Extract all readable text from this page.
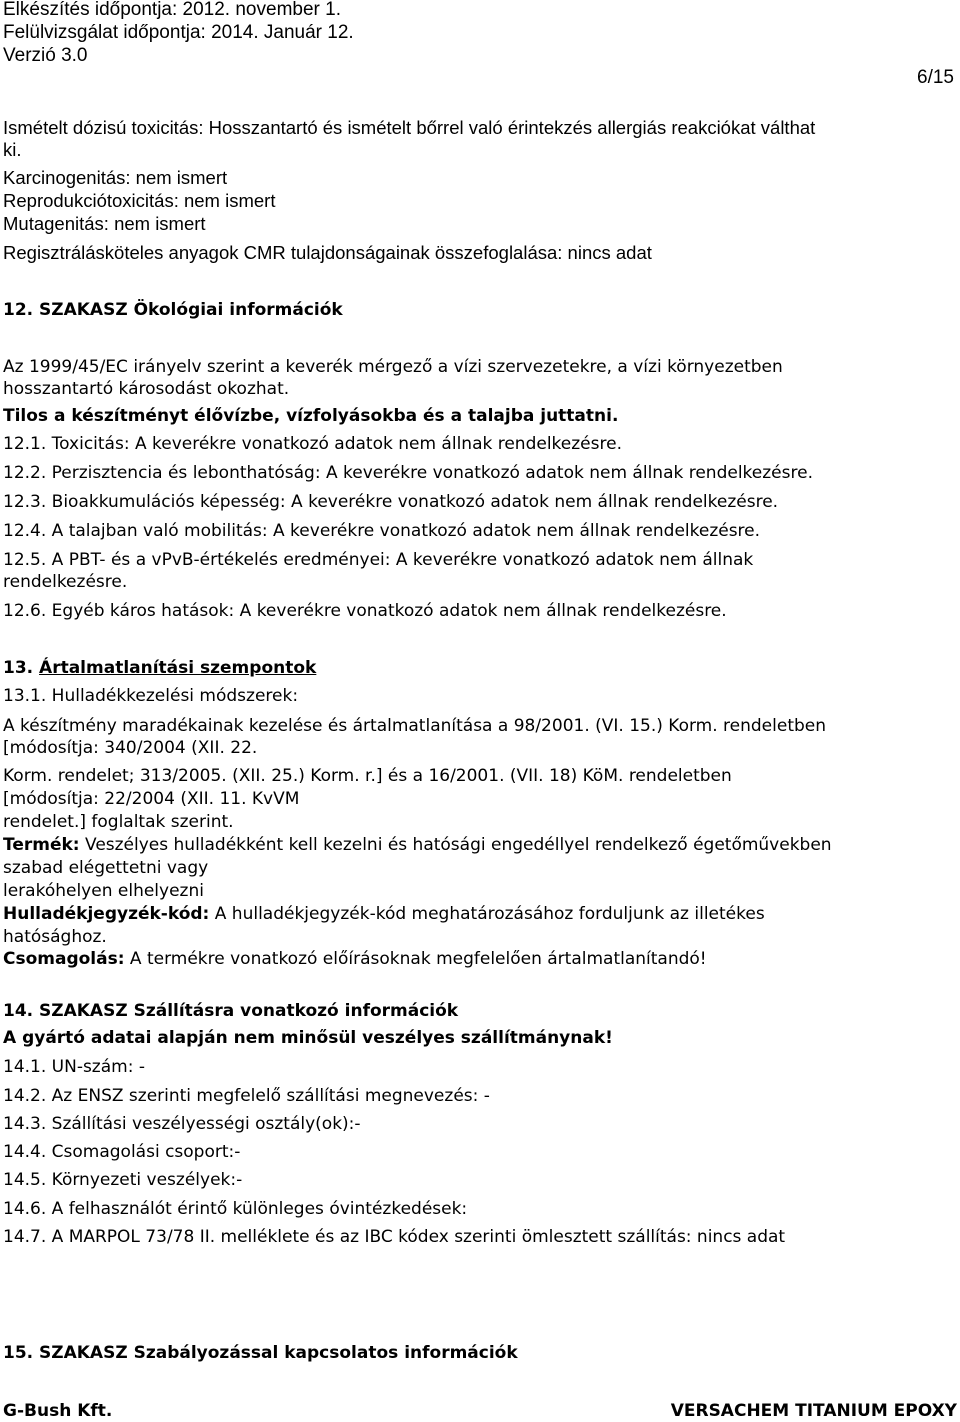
Elkészítés időpontja: 2012. november 1.
Felülvizsgálat időpontja: 2014. Január 12.
Verzió 3.0
6/15
Ismételt dózisú toxicitás: Hosszantartó és ismételt bőrrel való érintekzés allergiás reakciókat válthat
ki.
Karcinogenitás: nem ismert
Reprodukciótoxicitás: nem ismert
Mutagenitás: nem ismert
Regisztrálásköteles anyagok CMR tulajdonságainak összefoglalása: nincs adat
12. SZAKASZ Ökológiai információk
Az 1999/45/EC irányelv szerint a keverék mérgező a vízi szervezetekre, a vízi környezetben
hosszantartó károsodást okozhat.
Tilos a készítményt élővízbe, vízfolyásokba és a talajba juttatni.
12.1. Toxicitás: A keverékre vonatkozó adatok nem állnak rendelkezésre.
12.2. Perzisztencia és lebonthatóság: A keverékre vonatkozó adatok nem állnak rendelkezésre.
12.3. Bioakkumulációs képesség: A keverékre vonatkozó adatok nem állnak rendelkezésre.
12.4. A talajban való mobilitás: A keverékre vonatkozó adatok nem állnak rendelkezésre.
12.5. A PBT- és a vPvB-értékelés eredményei: A keverékre vonatkozó adatok nem állnak
rendelkezésre.
12.6. Egyéb káros hatások: A keverékre vonatkozó adatok nem állnak rendelkezésre.
13. Ártalmatlanítási szempontok
13.1. Hulladékkezelési módszerek:
A készítmény maradékainak kezelése és ártalmatlanítása a 98/2001. (VI. 15.) Korm. rendeletben
[módosítja: 340/2004 (XII. 22.
Korm. rendelet; 313/2005. (XII. 25.) Korm. r.] és a 16/2001. (VII. 18) KöM. rendeletben
[módosítja: 22/2004 (XII. 11. KvVM
rendelet.] foglaltak szerint.
Termék: Veszélyes hulladékként kell kezelni és hatósági engedéllyel rendelkező égetőművekben
szabad elégettetni vagy
lerakóhelyen elhelyezni
Hulladékjegyzék-kód: A hulladékjegyzék-kód meghatározásához forduljunk az illetékes
hatósághoz.
Csomagolás: A termékre vonatkozó előírásoknak megfelelően ártalmatlanítandó!
14. SZAKASZ Szállításra vonatkozó információk
A gyártó adatai alapján nem minősül veszélyes szállítmánynak!
14.1. UN-szám: -
14.2. Az ENSZ szerinti megfelelő szállítási megnevezés: -
14.3. Szállítási veszélyességi osztály(ok):-
14.4. Csomagolási csoport:-
14.5. Környezeti veszélyek:-
14.6. A felhasználót érintő különleges óvintézkedések:
14.7. A MARPOL 73/78 II. melléklete és az IBC kódex szerinti ömlesztett szállítás: nincs adat
15. SZAKASZ Szabályozással kapcsolatos információk
G-Bush Kft.	VERSACHEM TITANIUM EPOXY
